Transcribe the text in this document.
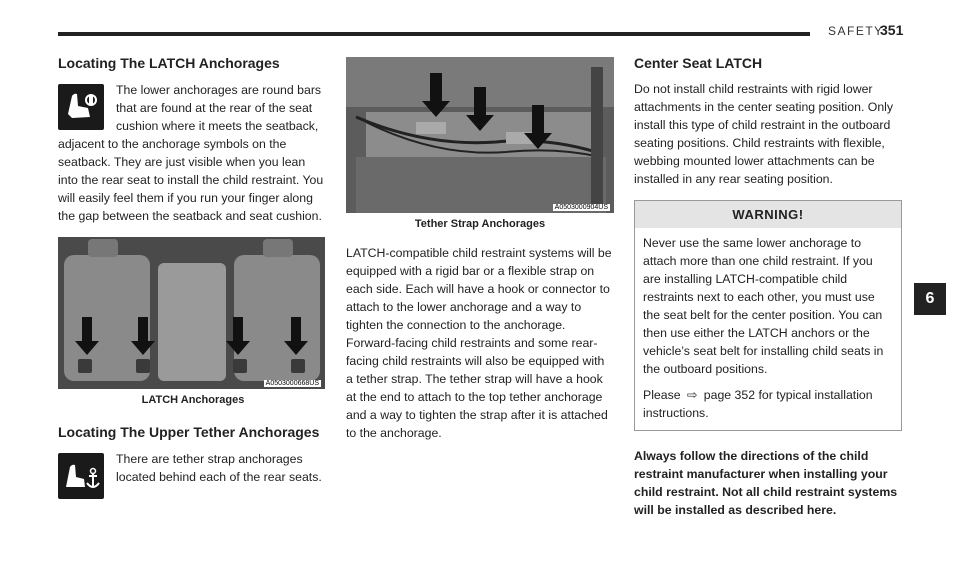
SAFETY
351
Locating The LATCH Anchorages

The lower anchorages are round bars that are found at the rear of the seat cushion where it meets the seatback, adjacent to the anchorage symbols on the seatback. They are just visible when you lean into the rear seat to install the child restraint. You will easily feel them if you run your finger along the gap between the seatback and seat cushion.

A0503000668US
LATCH Anchorages
Locating The Upper Tether Anchorages

There are tether strap anchorages located behind each of the rear seats.

A0503000904US
Tether Strap Anchorages

LATCH-compatible child restraint systems will be equipped with a rigid bar or a flexible strap on each side. Each will have a hook or connector to attach to the lower anchorage and a way to tighten the connection to the anchorage. Forward-facing child restraints and some rear-facing child restraints will also be equipped with a tether strap. The tether strap will have a hook at the end to attach to the top tether anchorage and a way to tighten the strap after it is attached to the anchorage.

Center Seat LATCH

Do not install child restraints with rigid lower attachments in the center seating position. Only install this type of child restraint in the outboard seating positions. Child restraints with flexible, webbing mounted lower attachments can be installed in any rear seating position.

WARNING!

Never use the same lower anchorage to attach more than one child restraint. If you are installing LATCH-compatible child restraints next to each other, you must use the seat belt for the center position. You can then use either the LATCH anchors or the vehicle’s seat belt for installing child seats in the outboard positions.

Please ⇨ page 352 for typical installation instructions.

Always follow the directions of the child restraint manufacturer when installing your child restraint. Not all child restraint systems will be installed as described here.

6
